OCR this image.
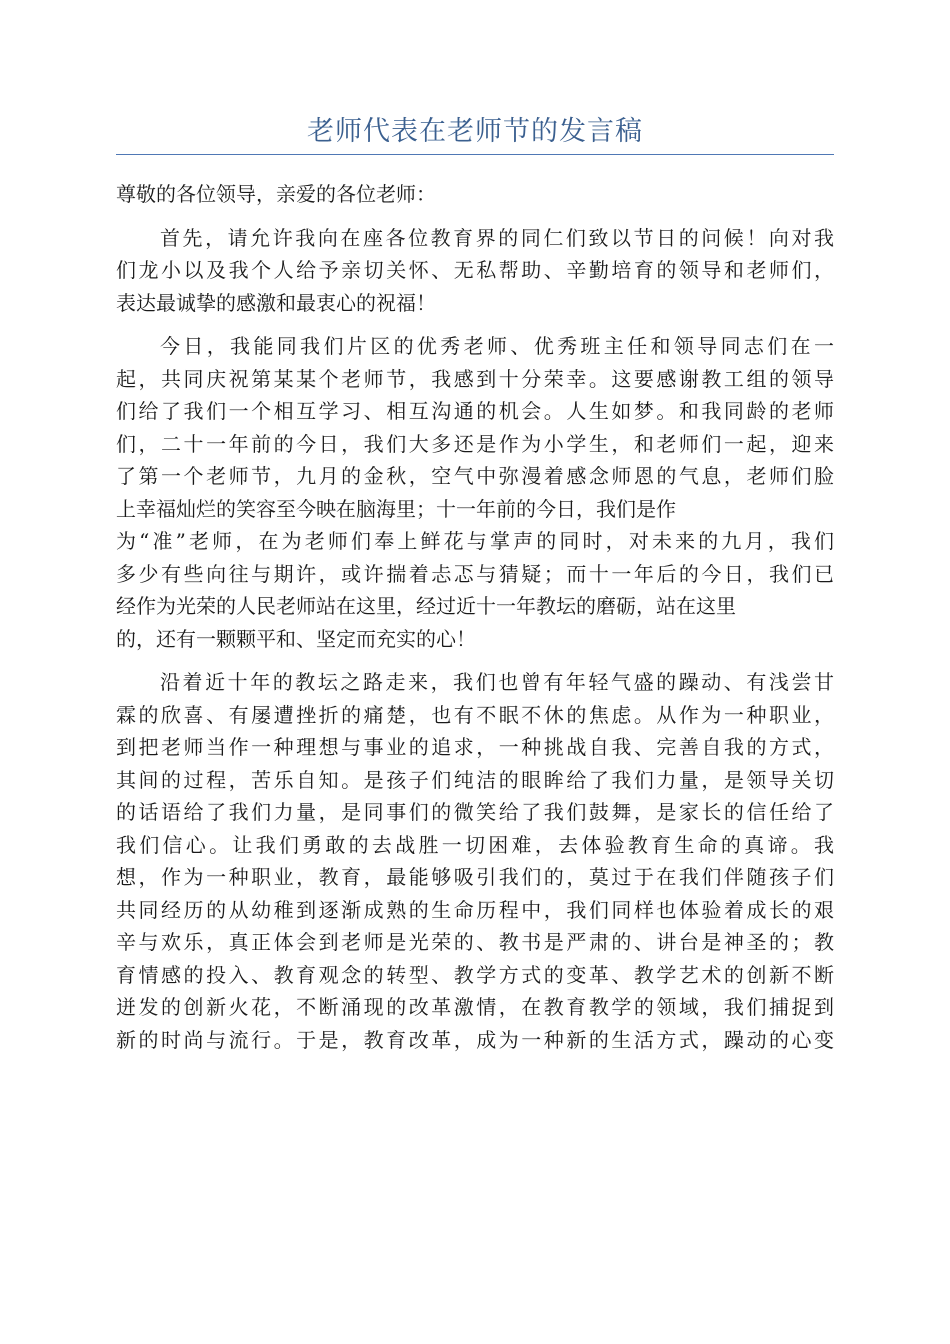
老师代表在老师节的发言稿
尊敬的各位领导，亲爱的各位老师：
首先，请允许我向在座各位教育界的同仁们致以节日的问候！向对我
们龙小以及我个人给予亲切关怀、无私帮助、辛勤培育的领导和老师们，
表达最诚挚的感激和最衷心的祝福！
今日，我能同我们片区的优秀老师、优秀班主任和领导同志们在一
起，共同庆祝第某某个老师节，我感到十分荣幸。这要感谢教工组的领导
们给了我们一个相互学习、相互沟通的机会。人生如梦。和我同龄的老师
们，二十一年前的今日，我们大多还是作为小学生，和老师们一起，迎来
了第一个老师节，九月的金秋，空气中弥漫着感念师恩的气息，老师们脸
上幸福灿烂的笑容至今映在脑海里；十一年前的今日，我们是作
为“准”老师，在为老师们奉上鲜花与掌声的同时，对未来的九月，我们
多少有些向往与期许，或许揣着忐忑与猜疑；而十一年后的今日，我们已
经作为光荣的人民老师站在这里，经过近十一年教坛的磨砺，站在这里
的，还有一颗颗平和、坚定而充实的心！
沿着近十年的教坛之路走来，我们也曾有年轻气盛的躁动、有浅尝甘
霖的欣喜、有屡遭挫折的痛楚，也有不眠不休的焦虑。从作为一种职业，
到把老师当作一种理想与事业的追求，一种挑战自我、完善自我的方式，
其间的过程，苦乐自知。是孩子们纯洁的眼眸给了我们力量，是领导关切
的话语给了我们力量，是同事们的微笑给了我们鼓舞，是家长的信任给了
我们信心。让我们勇敢的去战胜一切困难，去体验教育生命的真谛。我
想，作为一种职业，教育，最能够吸引我们的，莫过于在我们伴随孩子们
共同经历的从幼稚到逐渐成熟的生命历程中，我们同样也体验着成长的艰
辛与欢乐，真正体会到老师是光荣的、教书是严肃的、讲台是神圣的；教
育情感的投入、教育观念的转型、教学方式的变革、教学艺术的创新不断
迸发的创新火花，不断涌现的改革激情，在教育教学的领域，我们捕捉到
新的时尚与流行。于是，教育改革，成为一种新的生活方式，躁动的心变
